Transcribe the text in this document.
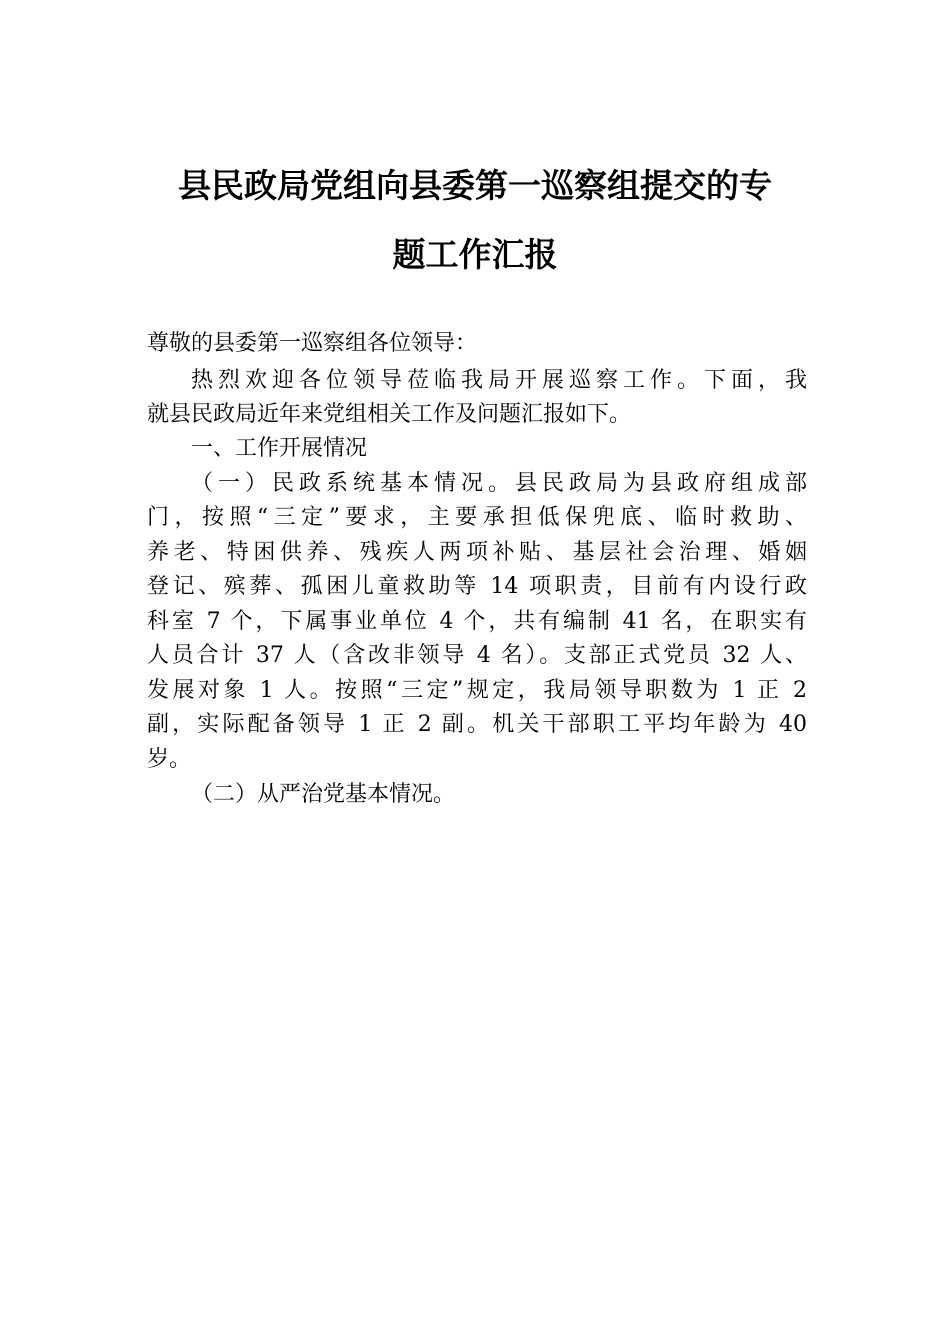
县民政局党组向县委第一巡察组提交的专
题工作汇报
尊敬的县委第一巡察组各位领导：
热烈欢迎各位领导莅临我局开展巡察工作。下面，我
就县民政局近年来党组相关工作及问题汇报如下。
一、工作开展情况
（一）民政系统基本情况。县民政局为县政府组成部
门，按照“三定”要求，主要承担低保兜底、临时救助、
养老、特困供养、残疾人两项补贴、基层社会治理、婚姻
登记、殡葬、孤困儿童救助等 14 项职责，目前有内设行政
科室 7 个，下属事业单位 4 个，共有编制 41 名，在职实有
人员合计 37 人（含改非领导 4 名）。支部正式党员 32 人、
发展对象 1 人。按照“三定”规定，我局领导职数为 1 正 2
副，实际配备领导 1 正 2 副。机关干部职工平均年龄为 40
岁。
（二）从严治党基本情况。
